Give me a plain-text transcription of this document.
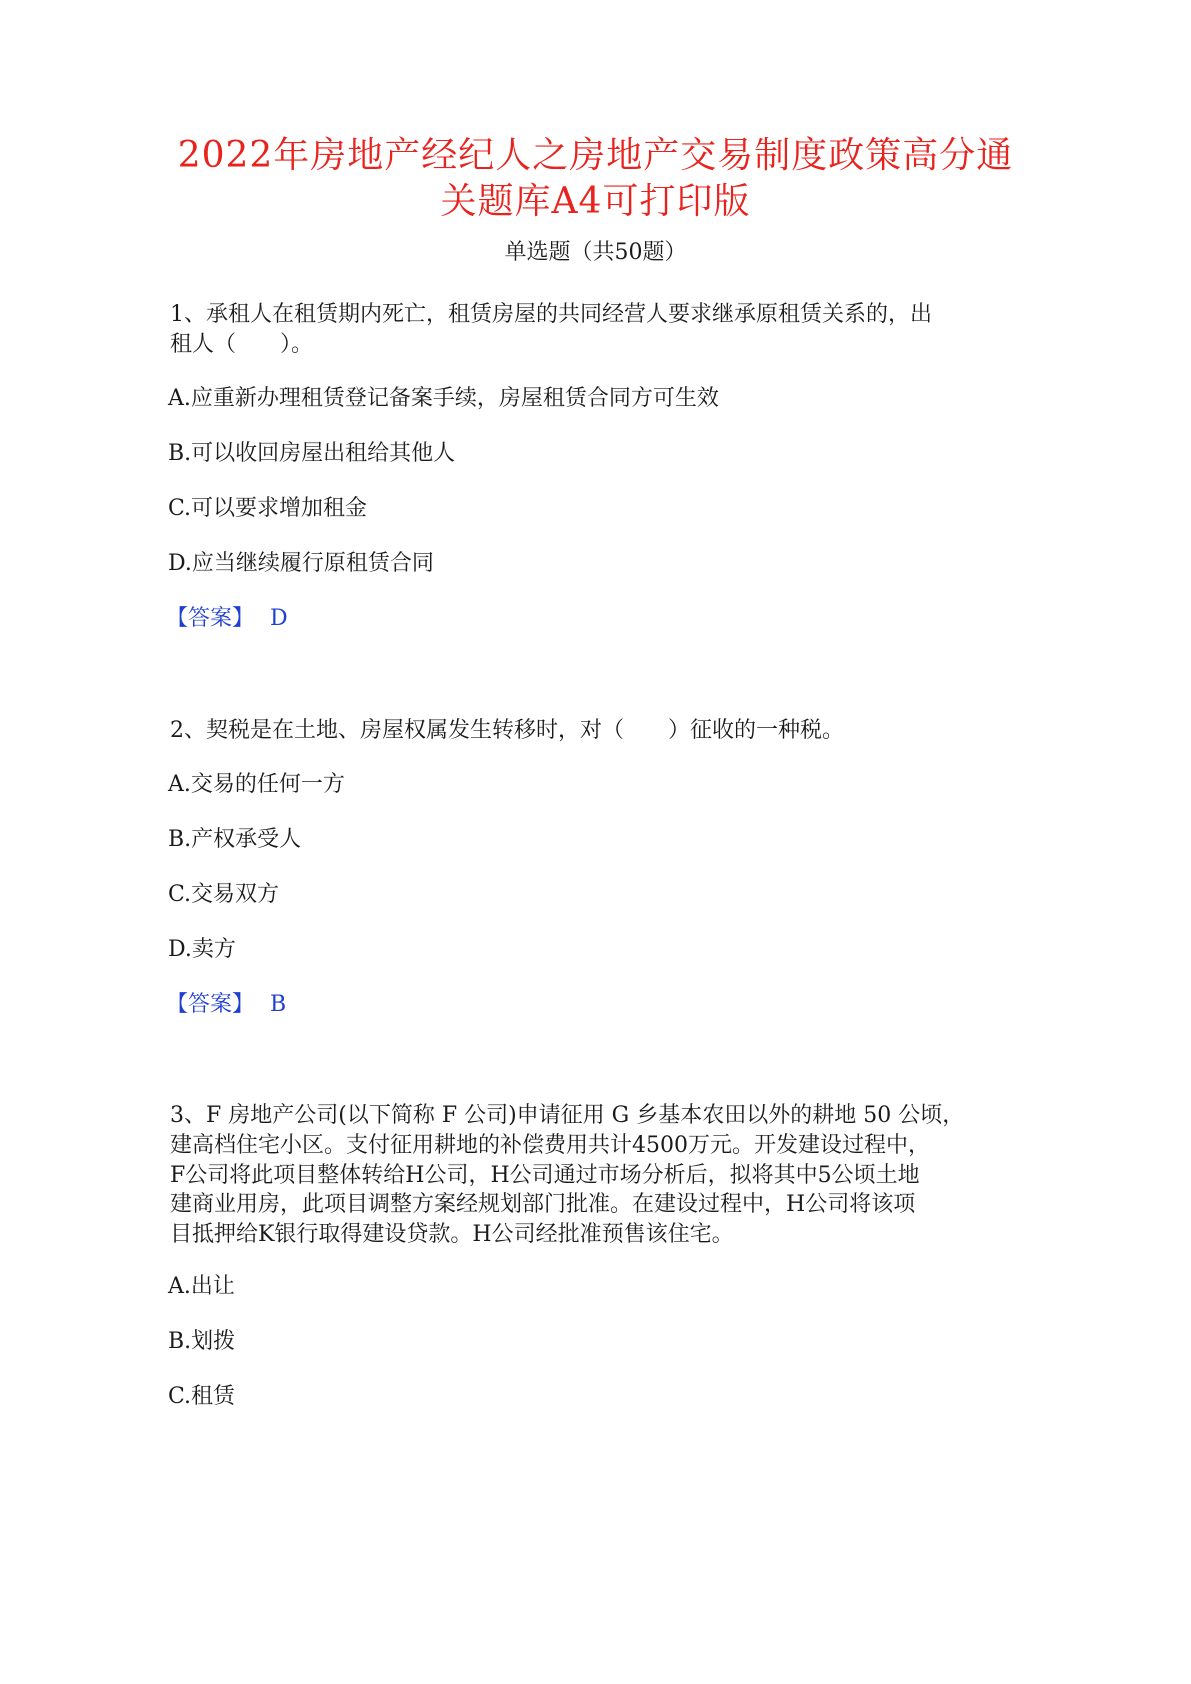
2022年房地产经纪人之房地产交易制度政策高分通
关题库A4可打印版
单选题（共50题）
1、承租人在租赁期内死亡，租赁房屋的共同经营人要求继承原租赁关系的，出
租人（　　）。
A.应重新办理租赁登记备案手续，房屋租赁合同方可生效
B.可以收回房屋出租给其他人
C.可以要求增加租金
D.应当继续履行原租赁合同
【答案】 D
2、契税是在土地、房屋权属发生转移时，对（　　）征收的一种税。
A.交易的任何一方
B.产权承受人
C.交易双方
D.卖方
【答案】 B
3、F 房地产公司(以下简称 F 公司)申请征用 G 乡基本农田以外的耕地 50 公顷，
建高档住宅小区。支付征用耕地的补偿费用共计4500万元。开发建设过程中，
F公司将此项目整体转给H公司，H公司通过市场分析后，拟将其中5公顷土地
建商业用房，此项目调整方案经规划部门批准。在建设过程中，H公司将该项
目抵押给K银行取得建设贷款。H公司经批准预售该住宅。
A.出让
B.划拨
C.租赁
